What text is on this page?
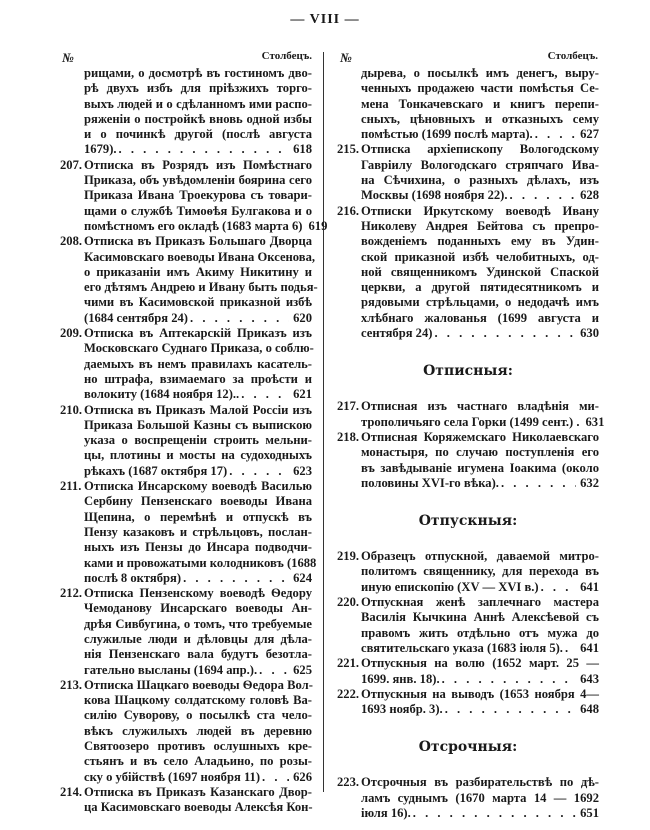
— VIII —
№	Столбецъ. №	Столбецъ.
рищами, о досмотрѣ въ гостиномъ дво-
рѣ двухъ избъ для прiѣзжихъ торго-
выхъ людей и о сдѣланномъ ими распо-
ряженiи о постройкѣ вновь одной избы
и о починкѣ другой (послѣ августа
1679). . . .	618
207. Отписка въ Розрядъ изъ Помѣстнаго
Приказа, объ увѣдомленiи боярина сего
Приказа Ивана Троекурова съ товари-
щами о службѣ Тимоѳѣя Булгакова и о
помѣстномъ его окладѣ (1683 марта 6) . . . 619
208. Отписка въ Приказъ Большаго Дворца
Касимовскаго воеводы Ивана Оксенова,
о приказанiи имъ Акиму Никитину и
его дѣтямъ Андрею и Ивану быть подья-
чими въ Касимовской приказной избѣ
(1684 сентября 24) . . .	620
209. Отписка въ Аптекарскiй Приказъ изъ
Московскаго Суднаго Приказа, о соблю-
даемыхъ въ немъ правилахъ касатель-
но штрафа, взимаемаго за проѣсти и
волокиту (1684 ноября 12).. . . .	621
210. Отписка въ Приказъ Малой Россiи изъ
Приказа Большой Казны съ выпискою
указа о воспрещенiи строить мельни-
цы, плотины и мосты на судоходныхъ
рѣкахъ (1687 октября 17) . . .	623
211. Отписка Инсарскому воеводѣ Василью
Сербину Пензенскаго воеводы Ивана
Щепина, о перемѣнѣ и отпускѣ въ
Пензу казаковъ и стрѣльцовъ, послан-
ныхъ изъ Пензы до Инсара подводчи-
ками и провожатыми колодниковъ (1688
послѣ 8 октября) . . .	624
212. Отписка Пензенскому воеводѣ Ѳедору
Чемоданову Инсарскаго воеводы Ан-
дрѣя Сивбугина, о томъ, что требуемые
служилые люди и дѣловцы для дѣла-
нiя Пензенскаго вала будутъ безотла-
гательно высланы (1694 апр.). . . .	625
213. Отписка Шацкаго воеводы Ѳедора Вол-
кова Шацкому солдатскому головѣ Ва-
силiю Суворову, о посылкѣ ста чело-
вѣкъ служилыхъ людей въ деревню
Святоозеро противъ ослушныхъ кре-
стьянъ и въ село Аладьино, по розы-
ску о убiйствѣ (1697 ноября 11) . . .	626
214. Отписка въ Приказъ Казанскаго Двор-
ца Касимовскаго воеводы Алексѣя Кон-
дырева, о посылкѣ имъ денегъ, выру-
ченныхъ продажею части помѣстья Се-
мена Тонкачевскаго и книгъ перепи-
сныхъ, цѣновныхъ и отказныхъ сему
помѣстью (1699 послѣ марта). . . .	627
215. Отписка архiепископу Вологодскому
Гаврiилу Вологодскаго стряпчаго Ива-
на Сѣчихина, о разныхъ дѣлахъ, изъ
Москвы (1698 ноября 22). . . .	628
216. Отписки Иркутскому воеводѣ Ивану
Николеву Андрея Бейтова съ препро-
вожденiемъ поданныхъ ему въ Удин-
ской приказной избѣ челобитныхъ, од-
ной священникомъ Удинской Спаской
церкви, а другой пятидесятникомъ и
рядовыми стрѣльцами, о недодачѣ имъ
хлѣбнаго жалованья (1699 августа и
сентября 24) . . .	630
Отписныя:
217. Отписная изъ частнаго владѣнiя ми-
трополичьяго села Горки (1499 сент.) . . . . 631
218. Отписная Коряжемскаго Николаевскаго
монастыря, по случаю поступленiя его
въ завѣдыванiе игумена Iоакима (около
половины XVI-го вѣка). . . .	632
Отпускныя:
219. Образецъ отпускной, даваемой митро-
политомъ священнику, для перехода въ
иную епископiю (XV — XVI в.) . . .	641
220. Отпускная женѣ заплечнаго мастера
Василiя Кычкина Аннѣ Алексѣевой съ
правомъ жить отдѣльно отъ мужа до
святительскаго указа (1683 iюля 5). . . .	641
221. Отпускныя на волю (1652 март. 25 —
1699. янв. 18). . . .	643
222. Отпускныя на выводъ (1653 ноября 4—
1693 ноябр. 3). . . .	648
Отсрочныя:
223. Отсрочныя въ разбирательствѣ по дѣ-
ламъ суднымъ (1670 марта 14 — 1692
iюля 16). . . .	651
